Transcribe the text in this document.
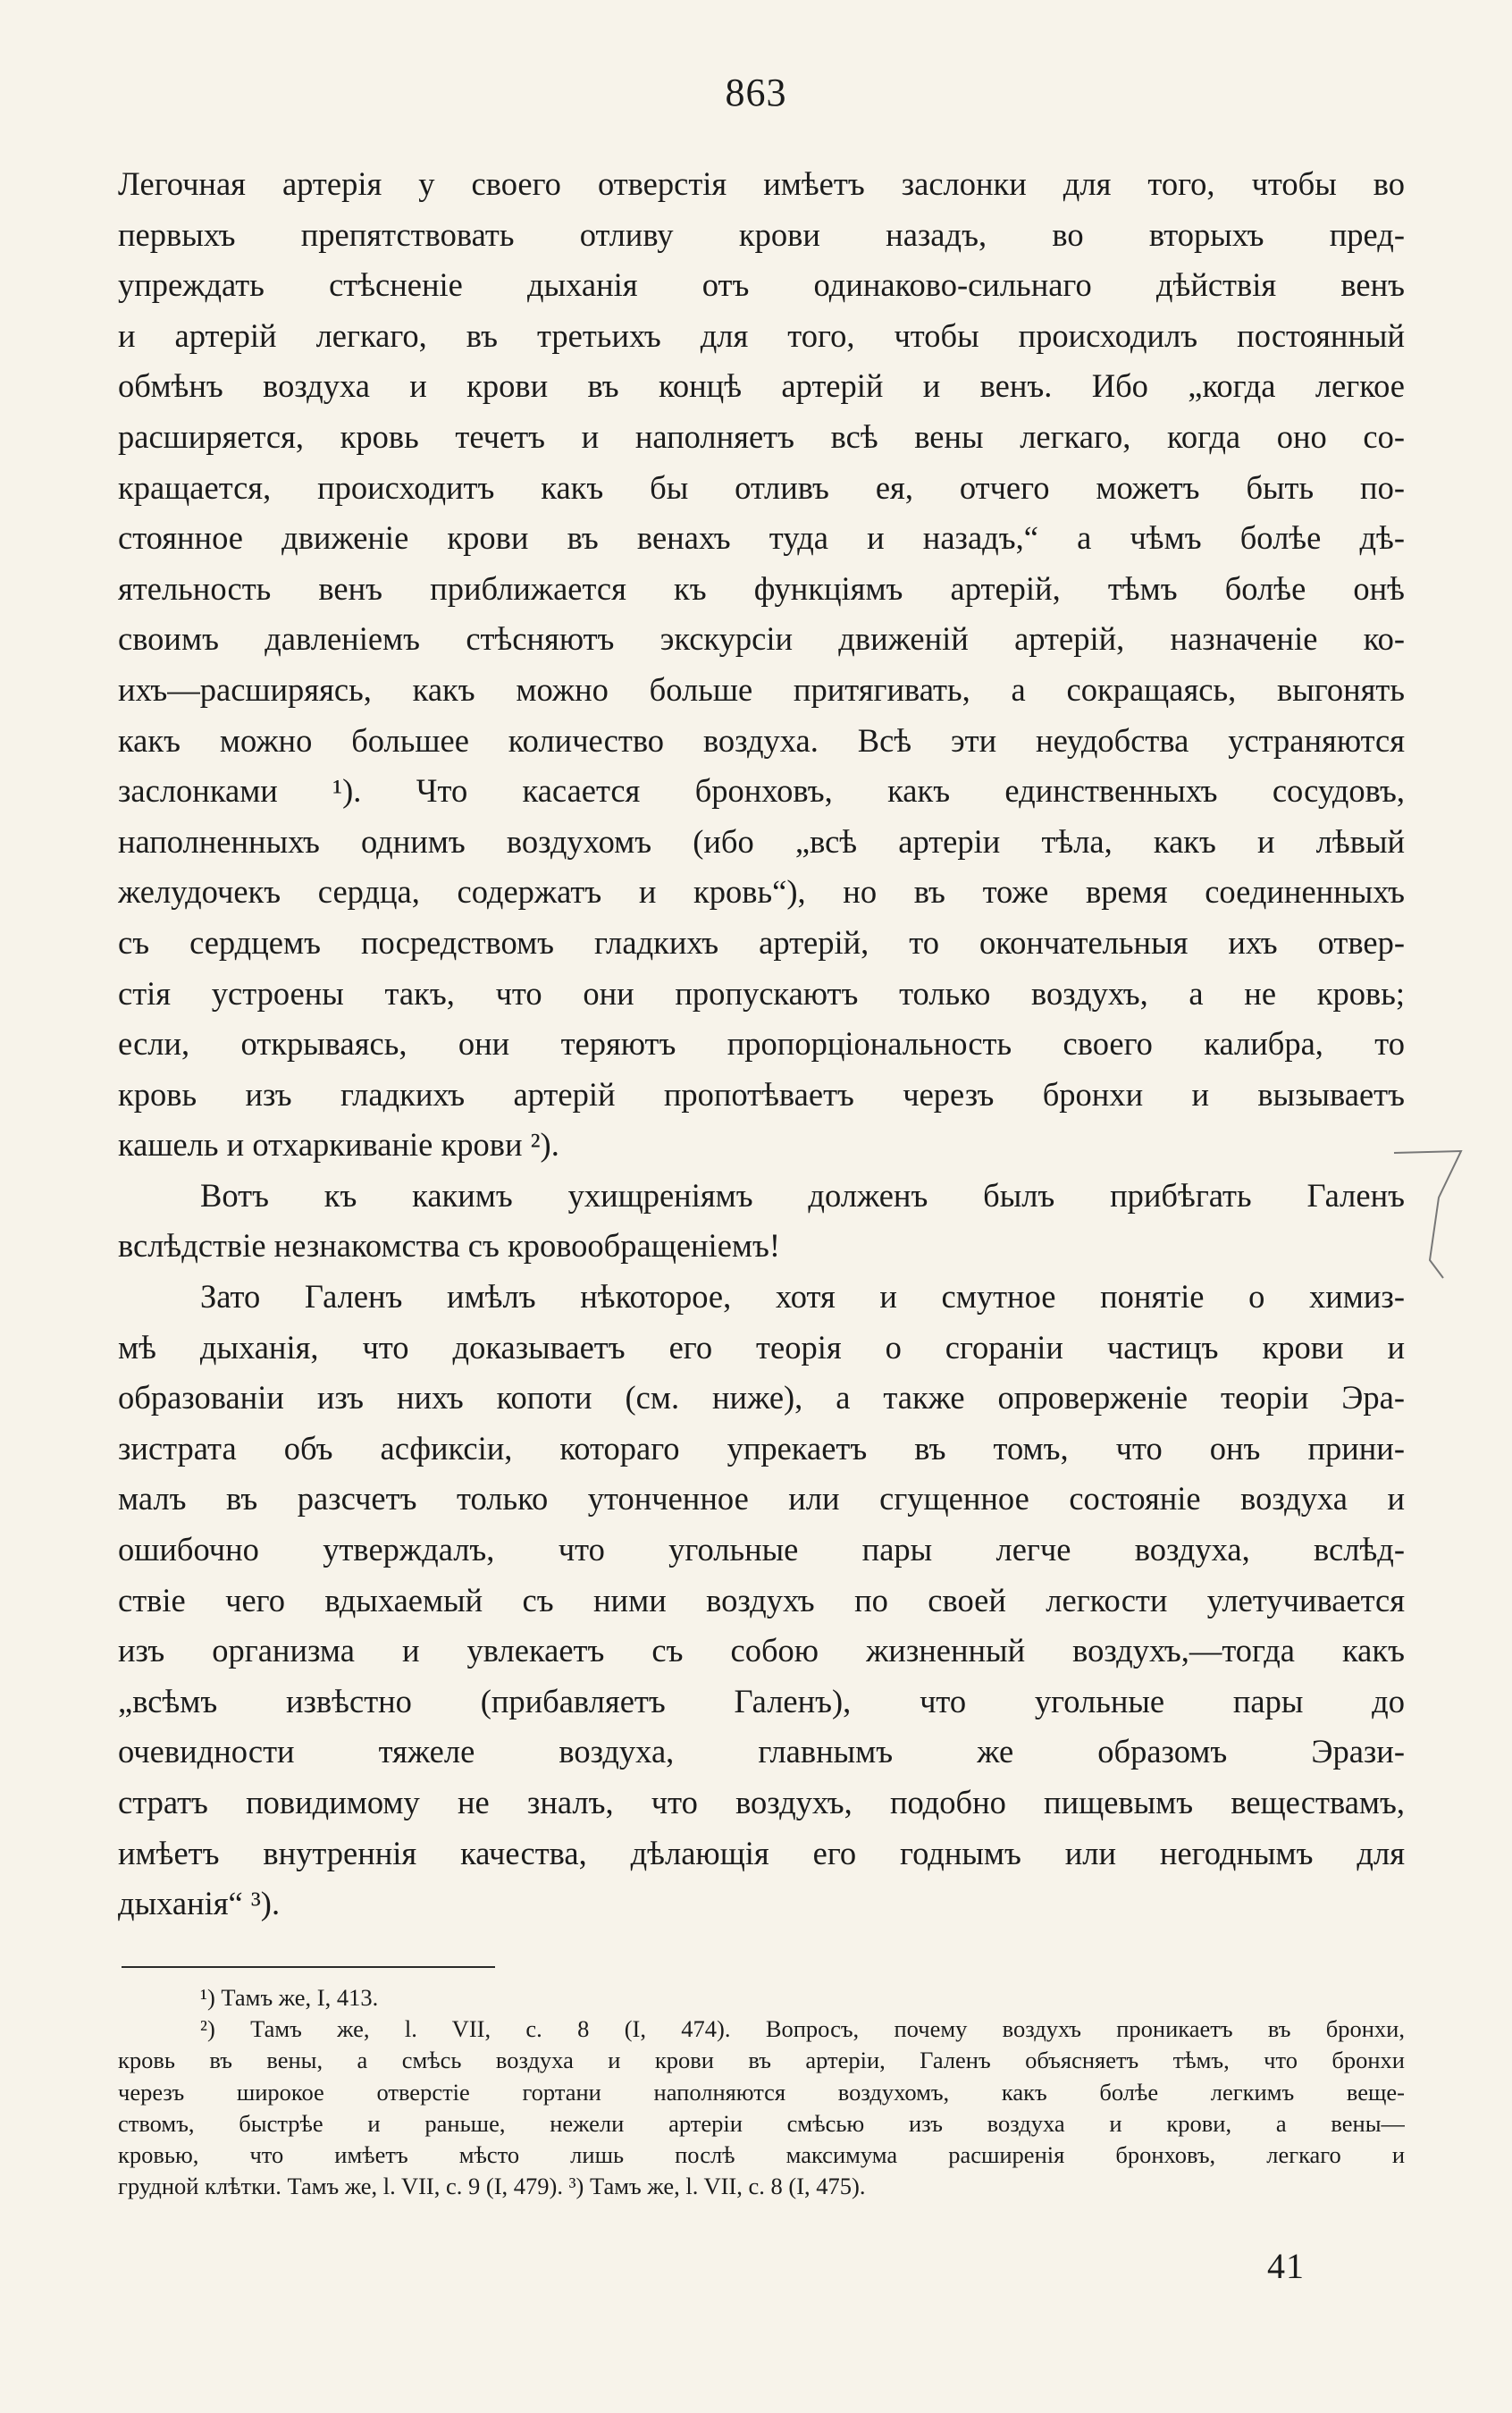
863
Легочная артерія у своего отверстія имѣетъ заслонки для того, чтобы во
первыхъ препятствовать отливу крови назадъ, во вторыхъ пред-
упреждать стѣсненіе дыханія отъ одинаково-сильнаго дѣйствія венъ
и артерій легкаго, въ третьихъ для того, чтобы происходилъ постоянный
обмѣнъ воздуха и крови въ концѣ артерій и венъ. Ибо „когда легкое
расширяется, кровь течетъ и наполняетъ всѣ вены легкаго, когда оно со-
кращается, происходитъ какъ бы отливъ ея, отчего можетъ быть по-
стоянное движеніе крови въ венахъ туда и назадъ,“ а чѣмъ болѣе дѣ-
ятельность венъ приближается къ функціямъ артерій, тѣмъ болѣе онѣ
своимъ давленіемъ стѣсняютъ экскурсіи движеній артерій, назначеніе ко-
ихъ—расширяясь, какъ можно больше притягивать, а сокращаясь, выгонять
какъ можно большее количество воздуха. Всѣ эти неудобства устраняются
заслонками ¹). Что касается бронховъ, какъ единственныхъ сосудовъ,
наполненныхъ однимъ воздухомъ (ибо „всѣ артеріи тѣла, какъ и лѣвый
желудочекъ сердца, содержатъ и кровь“), но въ тоже время соединенныхъ
съ сердцемъ посредствомъ гладкихъ артерій, то окончательныя ихъ отвер-
стія устроены такъ, что они пропускаютъ только воздухъ, а не кровь;
если, открываясь, они теряютъ пропорціональность своего калибра, то
кровь изъ гладкихъ артерій пропотѣваетъ черезъ бронхи и вызываетъ
кашель и отхаркиваніе крови ²).
Вотъ къ какимъ ухищреніямъ долженъ былъ прибѣгать Галенъ
вслѣдствіе незнакомства съ кровообращеніемъ!
Зато Галенъ имѣлъ нѣкоторое, хотя и смутное понятіе о химиз-
мѣ дыханія, что доказываетъ его теорія о сгораніи частицъ крови и
образованіи изъ нихъ копоти (см. ниже), а также опроверженіе теоріи Эра-
зистрата объ асфиксіи, котораго упрекаетъ въ томъ, что онъ прини-
малъ въ разсчетъ только утонченное или сгущенное состояніе воздуха и
ошибочно утверждалъ, что угольные пары легче воздуха, вслѣд-
ствіе чего вдыхаемый съ ними воздухъ по своей легкости улетучивается
изъ организма и увлекаетъ съ собою жизненный воздухъ,—тогда какъ
„всѣмъ извѣстно (прибавляетъ Галенъ), что угольные пары до
очевидности тяжеле воздуха, главнымъ же образомъ Эрази-
стратъ повидимому не зналъ, что воздухъ, подобно пищевымъ веществамъ,
имѣетъ внутреннія качества, дѣлающія его годнымъ или негоднымъ для
дыханія“ ³).
¹) Тамъ же, I, 413.
²) Тамъ же, l. VII, c. 8 (I, 474). Вопросъ, почему воздухъ проникаетъ въ бронхи,
кровь въ вены, а смѣсь воздуха и крови въ артеріи, Галенъ объясняетъ тѣмъ, что бронхи
черезъ широкое отверстіе гортани наполняются воздухомъ, какъ болѣе легкимъ веще-
ствомъ, быстрѣе и раньше, нежели артеріи смѣсью изъ воздуха и крови, а вены—
кровью, что имѣетъ мѣсто лишь послѣ максимума расширенія бронховъ, легкаго и
грудной клѣтки. Тамъ же, l. VII, c. 9 (I, 479). ³) Тамъ же, l. VII, c. 8 (I, 475).
41
